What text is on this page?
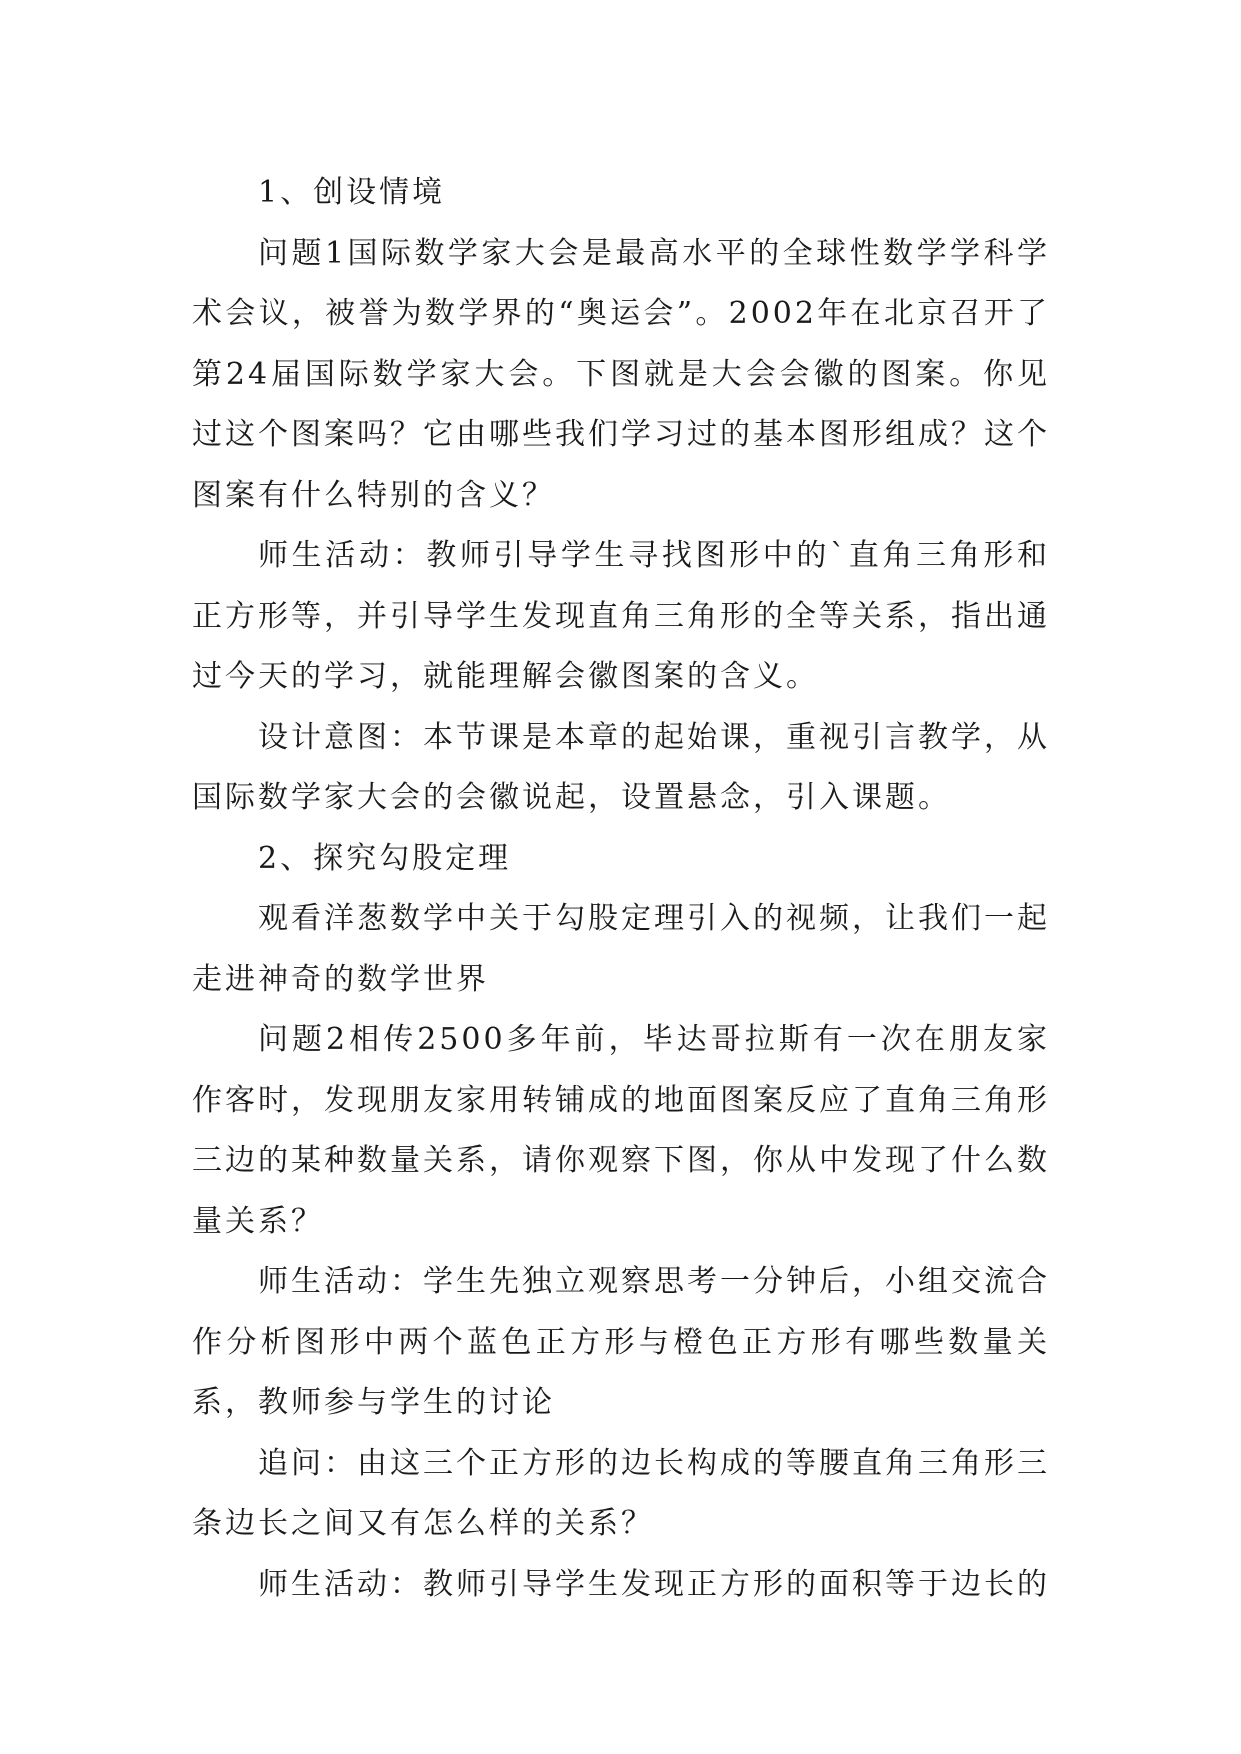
1、创设情境

问题1国际数学家大会是最高水平的全球性数学学科学术会议，被誉为数学界的“奥运会”。2002年在北京召开了第24届国际数学家大会。下图就是大会会徽的图案。你见过这个图案吗？它由哪些我们学习过的基本图形组成？这个图案有什么特别的含义？

师生活动：教师引导学生寻找图形中的`直角三角形和正方形等，并引导学生发现直角三角形的全等关系，指出通过今天的学习，就能理解会徽图案的含义。

设计意图：本节课是本章的起始课，重视引言教学，从国际数学家大会的会徽说起，设置悬念，引入课题。

2、探究勾股定理

观看洋葱数学中关于勾股定理引入的视频，让我们一起走进神奇的数学世界

问题2相传2500多年前，毕达哥拉斯有一次在朋友家作客时，发现朋友家用转铺成的地面图案反应了直角三角形三边的某种数量关系，请你观察下图，你从中发现了什么数量关系？

师生活动：学生先独立观察思考一分钟后，小组交流合作分析图形中两个蓝色正方形与橙色正方形有哪些数量关系，教师参与学生的讨论

追问：由这三个正方形的边长构成的等腰直角三角形三条边长之间又有怎么样的关系？

师生活动：教师引导学生发现正方形的面积等于边长的
